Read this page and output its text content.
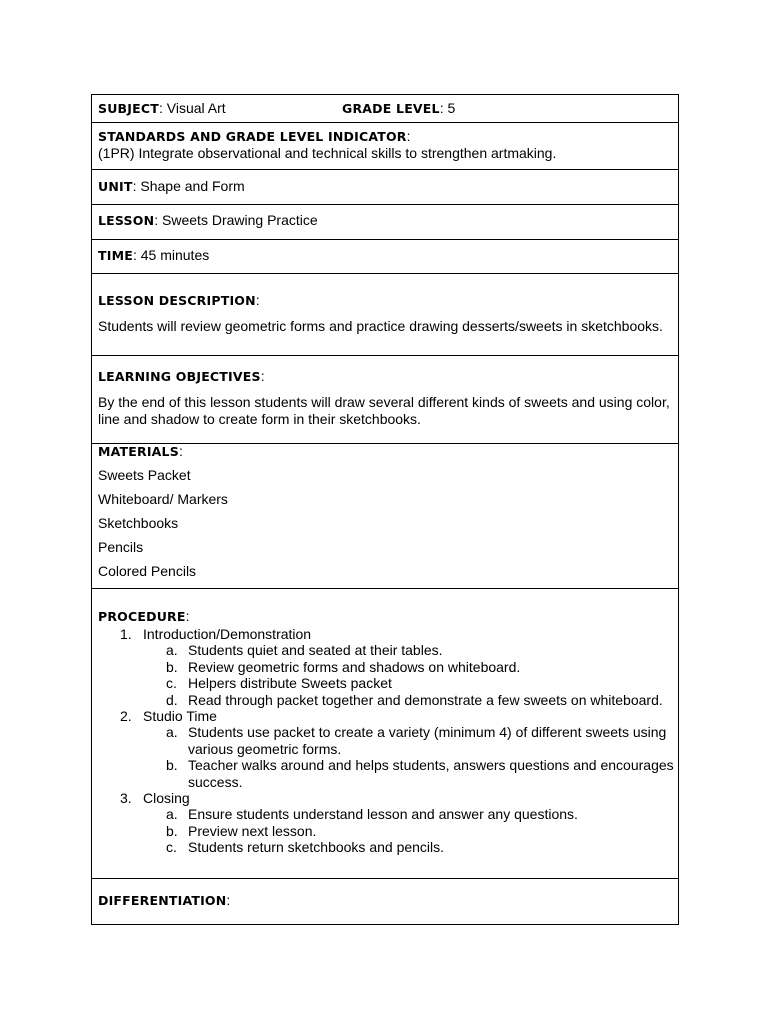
SUBJECT: Visual Art	GRADE LEVEL: 5
STANDARDS AND GRADE LEVEL INDICATOR:
(1PR) Integrate observational and technical skills to strengthen artmaking.
UNIT: Shape and Form
LESSON: Sweets Drawing Practice
TIME: 45 minutes
LESSON DESCRIPTION:
Students will review geometric forms and practice drawing desserts/sweets in sketchbooks.
LEARNING OBJECTIVES:
By the end of this lesson students will draw several different kinds of sweets and using color,
line and shadow to create form in their sketchbooks.
MATERIALS:
Sweets Packet
Whiteboard/ Markers
Sketchbooks
Pencils
Colored Pencils
PROCEDURE:
1. Introduction/Demonstration
a. Students quiet and seated at their tables.
b. Review geometric forms and shadows on whiteboard.
c. Helpers distribute Sweets packet
d. Read through packet together and demonstrate a few sweets on whiteboard.
2. Studio Time
a. Students use packet to create a variety (minimum 4) of different sweets using
various geometric forms.
b. Teacher walks around and helps students, answers questions and encourages
success.
3. Closing
a. Ensure students understand lesson and answer any questions.
b. Preview next lesson.
c. Students return sketchbooks and pencils.
DIFFERENTIATION:
